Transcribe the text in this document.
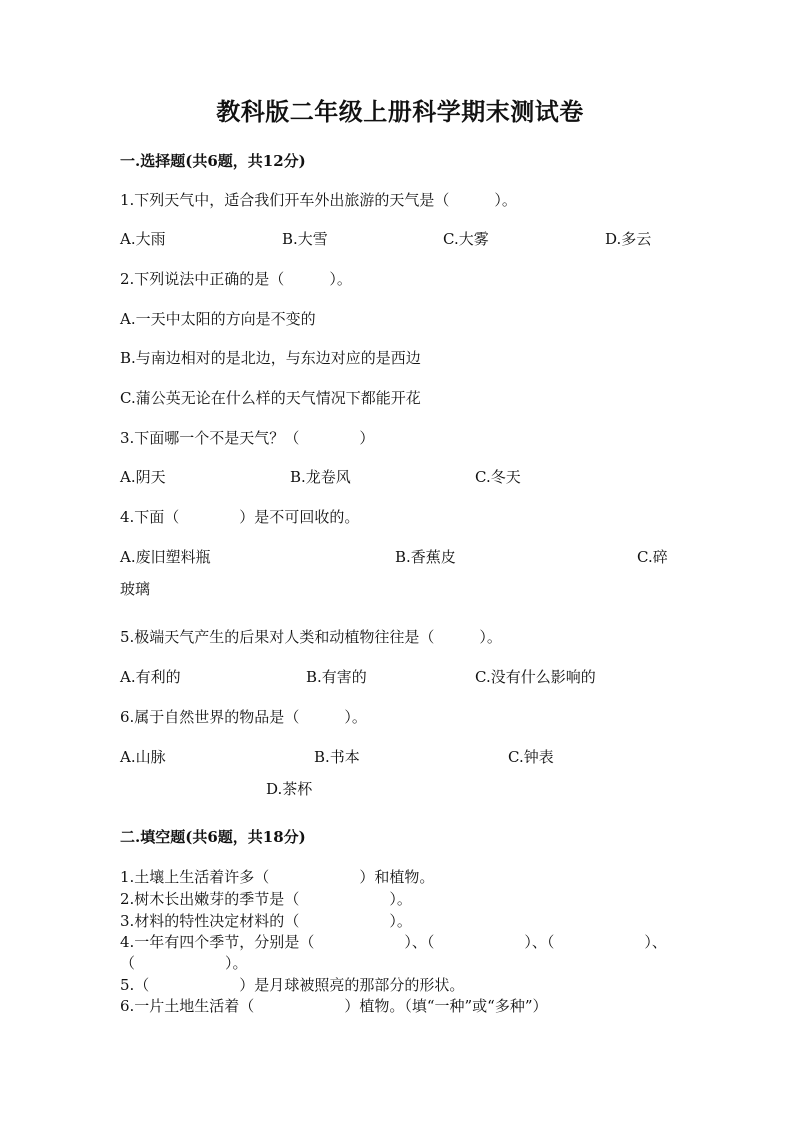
教科版二年级上册科学期末测试卷
一.选择题(共6题，共12分)
1.下列天气中，适合我们开车外出旅游的天气是（　　　）。
A.大雨	B.大雪	C.大雾	D.多云
2.下列说法中正确的是（　　　）。
A.一天中太阳的方向是不变的
B.与南边相对的是北边，与东边对应的是西边
C.蒲公英无论在什么样的天气情况下都能开花
3.下面哪一个不是天气？（　　　　）
A.阴天	B.龙卷风	C.冬天
4.下面（　　　　）是不可回收的。
A.废旧塑料瓶	B.香蕉皮	C.碎
玻璃
5.极端天气产生的后果对人类和动植物往往是（　　　）。
A.有利的	B.有害的	C.没有什么影响的
6.属于自然世界的物品是（　　　）。
A.山脉	B.书本	C.钟表
D.茶杯
二.填空题(共6题，共18分)
1.土壤上生活着许多（　　　　　　）和植物。
2.树木长出嫩芽的季节是（　　　　　　）。
3.材料的特性决定材料的（　　　　　　）。
4.一年有四个季节，分别是（　　　　　　）、（　　　　　　）、（　　　　　　）、
（　　　　　　）。
5.（　　　　　　）是月球被照亮的那部分的形状。
6.一片土地生活着（　　　　　　）植物。（填“一种”或“多种”）
